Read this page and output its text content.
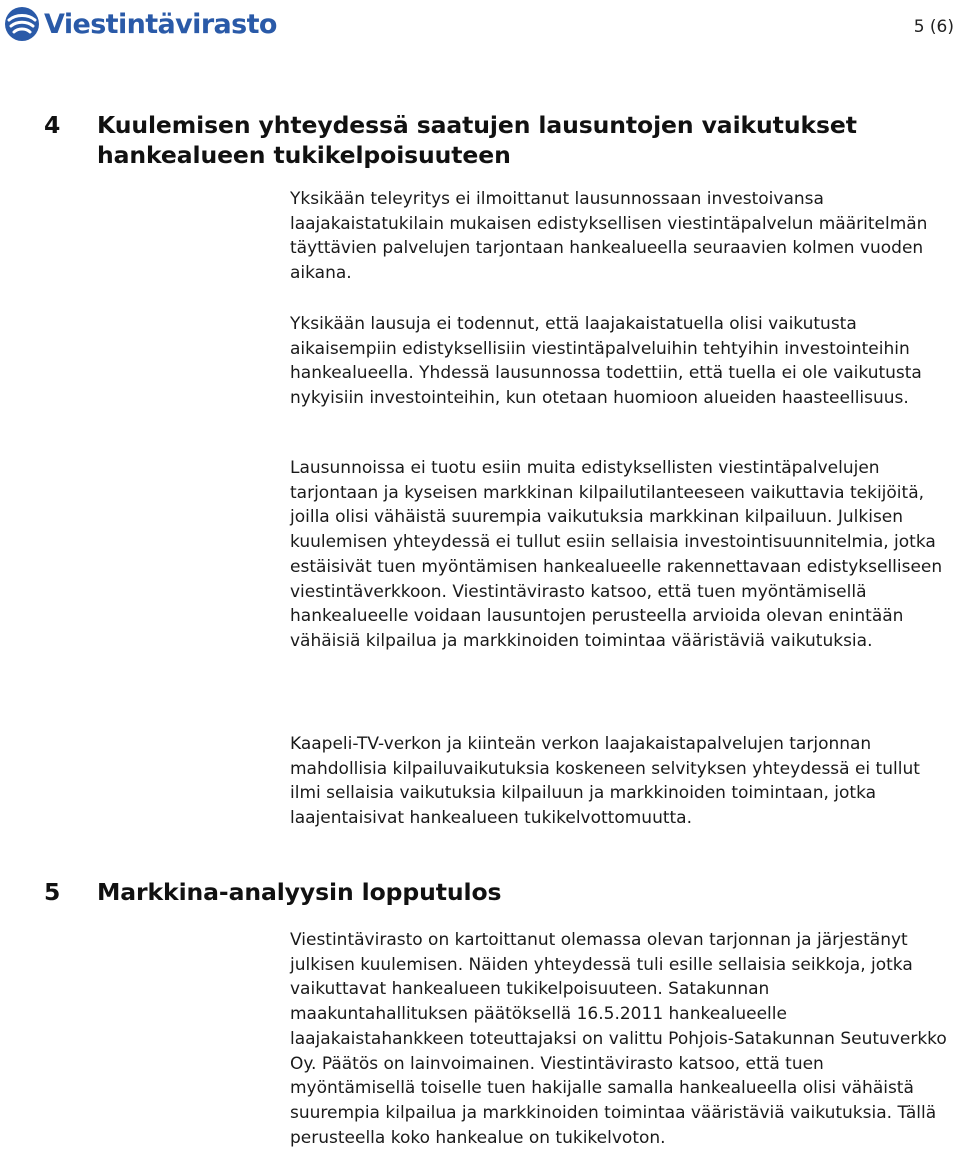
Viestintävirasto	5 (6)
4 Kuulemisen yhteydessä saatujen lausuntojen vaikutukset hankealueen tukikelpoisuuteen

Yksikään teleyritys ei ilmoittanut lausunnossaan investoivansa laajakaistatukilain mukaisen edistyksellisen viestintäpalvelun määritelmän täyttävien palvelujen tarjontaan hankealueella seuraavien kolmen vuoden aikana.

Yksikään lausuja ei todennut, että laajakaistatuella olisi vaikutusta aikaisempiin edistyksellisiin viestintäpalveluihin tehtyihin investointeihin hankealueella. Yhdessä lausunnossa todettiin, että tuella ei ole vaikutusta nykyisiin investointeihin, kun otetaan huomioon alueiden haasteellisuus.

Lausunnoissa ei tuotu esiin muita edistyksellisten viestintäpalvelujen tarjontaan ja kyseisen markkinan kilpailutilanteeseen vaikuttavia tekijöitä, joilla olisi vähäistä suurempia vaikutuksia markkinan kilpailuun. Julkisen kuulemisen yhteydessä ei tullut esiin sellaisia investointisuunnitelmia, jotka estäisivät tuen myöntämisen hankealueelle rakennettavaan edistykselliseen viestintäverkkoon. Viestintävirasto katsoo, että tuen myöntämisellä hankealueelle voidaan lausuntojen perusteella arvioida olevan enintään vähäisiä kilpailua ja markkinoiden toimintaa vääristäviä vaikutuksia.

Kaapeli-TV-verkon ja kiinteän verkon laajakaistapalvelujen tarjonnan mahdollisia kilpailuvaikutuksia koskeneen selvityksen yhteydessä ei tullut ilmi sellaisia vaikutuksia kilpailuun ja markkinoiden toimintaan, jotka laajentaisivat hankealueen tukikelvottomuutta.

5 Markkina-analyysin lopputulos

Viestintävirasto on kartoittanut olemassa olevan tarjonnan ja järjestänyt julkisen kuulemisen. Näiden yhteydessä tuli esille sellaisia seikkoja, jotka vaikuttavat hankealueen tukikelpoisuuteen. Satakunnan maakuntahallituksen päätöksellä 16.5.2011 hankealueelle laajakaistahankkeen toteuttajaksi on valittu Pohjois-Satakunnan Seutuverkko Oy. Päätös on lainvoimainen. Viestintävirasto katsoo, että tuen myöntämisellä toiselle tuen hakijalle samalla hankealueella olisi vähäistä suurempia kilpailua ja markkinoiden toimintaa vääristäviä vaikutuksia. Tällä perusteella koko hankealue on tukikelvoton.
